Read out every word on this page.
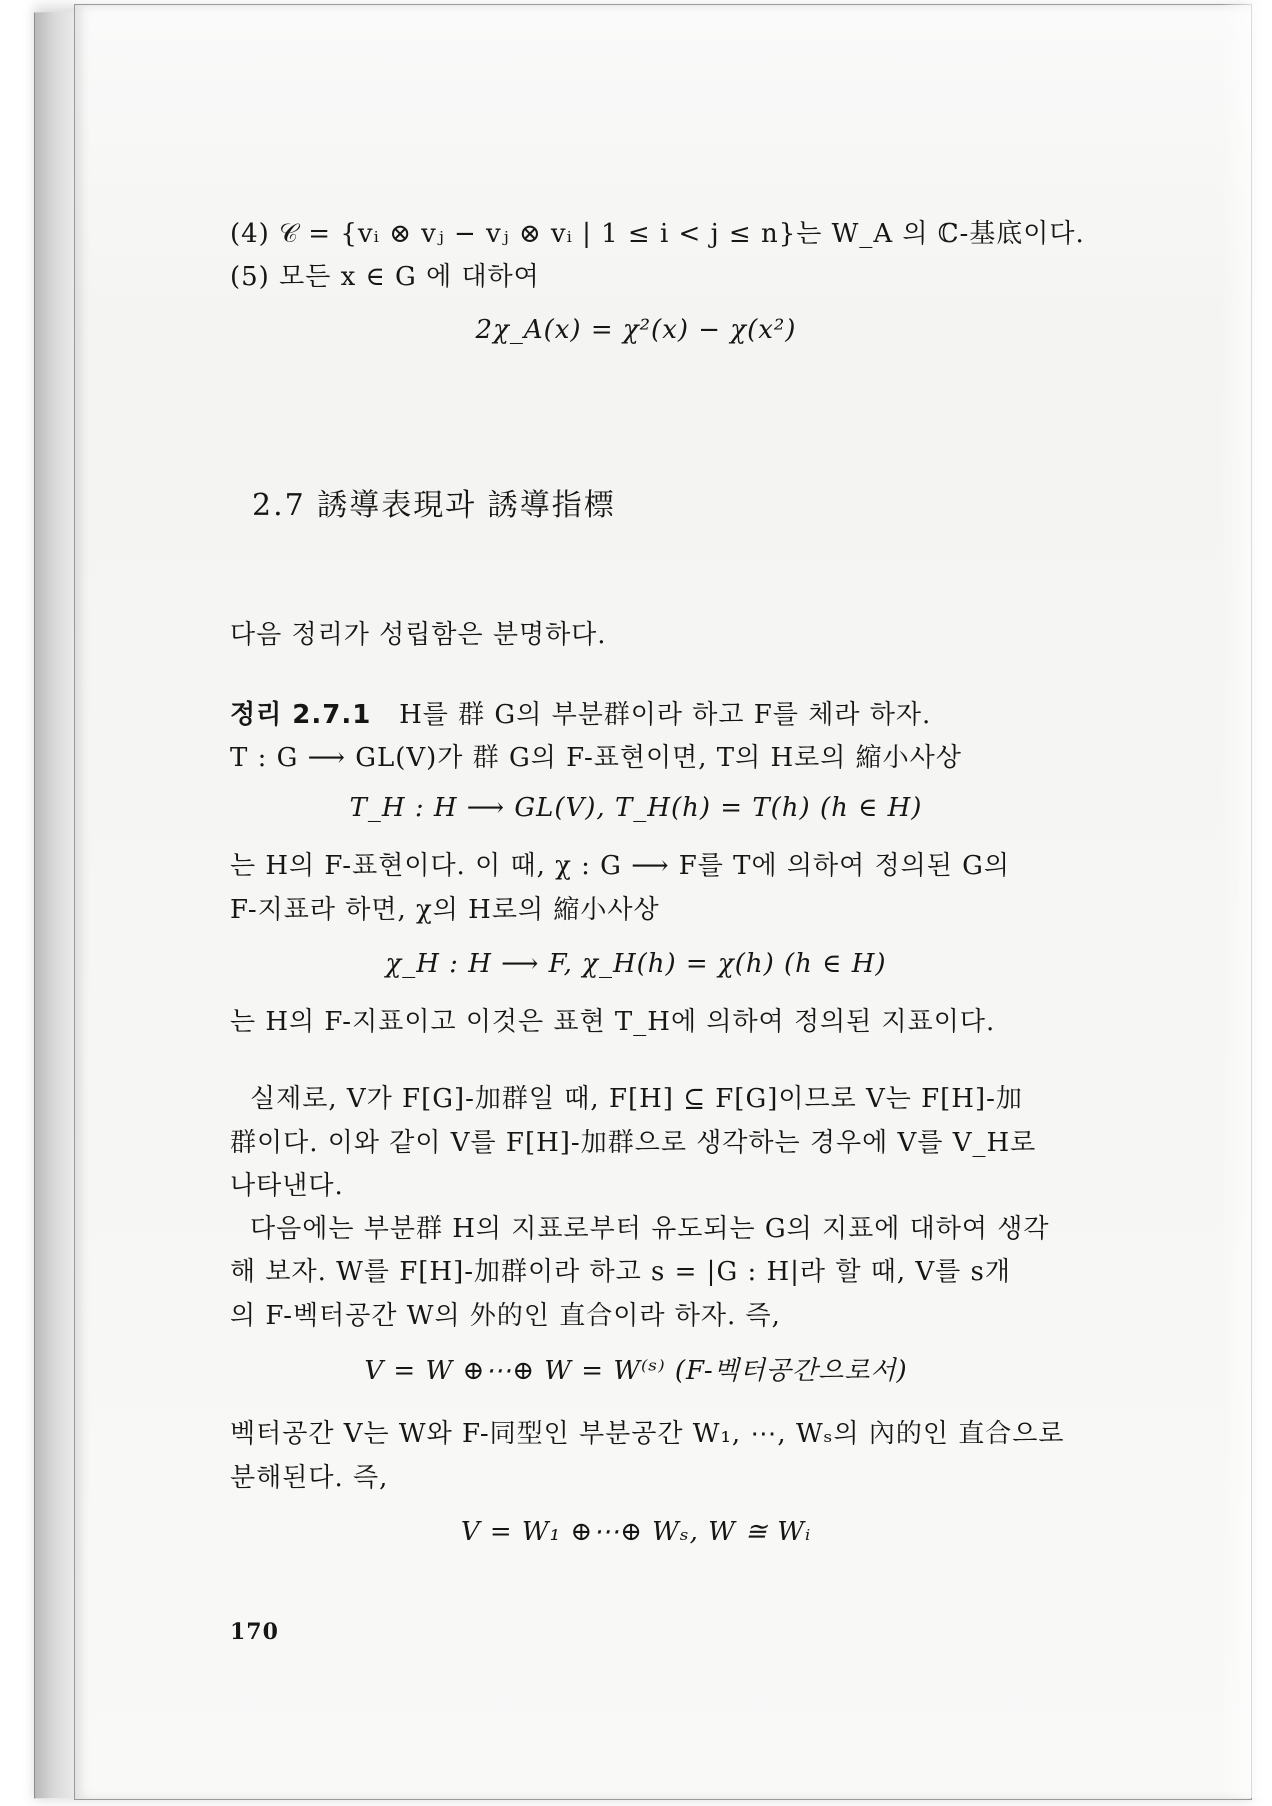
(4) 𝒞 = {vᵢ ⊗ vⱼ − vⱼ ⊗ vᵢ | 1 ≤ i < j ≤ n}는 W_A 의 ℂ-基底이다.
(5) 모든 x ∈ G 에 대하여
2χ_A(x) = χ²(x) − χ(x²)
2.7 誘導表現과 誘導指標
다음 정리가 성립함은 분명하다.
정리 2.7.1 H를 群 G의 부분群이라 하고 F를 체라 하자.
T : G ⟶ GL(V)가 群 G의 F-표현이면, T의 H로의 縮小사상
T_H : H ⟶ GL(V), T_H(h) = T(h) (h ∈ H)
는 H의 F-표현이다. 이 때, χ : G ⟶ F를 T에 의하여 정의된 G의
F-지표라 하면, χ의 H로의 縮小사상
χ_H : H ⟶ F, χ_H(h) = χ(h) (h ∈ H)
는 H의 F-지표이고 이것은 표현 T_H에 의하여 정의된 지표이다.
실제로, V가 F[G]-加群일 때, F[H] ⊆ F[G]이므로 V는 F[H]-加
群이다. 이와 같이 V를 F[H]-加群으로 생각하는 경우에 V를 V_H로
나타낸다.
다음에는 부분群 H의 지표로부터 유도되는 G의 지표에 대하여 생각
해 보자. W를 F[H]-加群이라 하고 s = |G : H|라 할 때, V를 s개
의 F-벡터공간 W의 外的인 直合이라 하자. 즉,
V = W ⊕⋯⊕ W = W⁽ˢ⁾ (F-벡터공간으로서)
벡터공간 V는 W와 F-同型인 부분공간 W₁, ⋯, Wₛ의 內的인 直合으로
분해된다. 즉,
V = W₁ ⊕⋯⊕ Wₛ, W ≅ Wᵢ
170
